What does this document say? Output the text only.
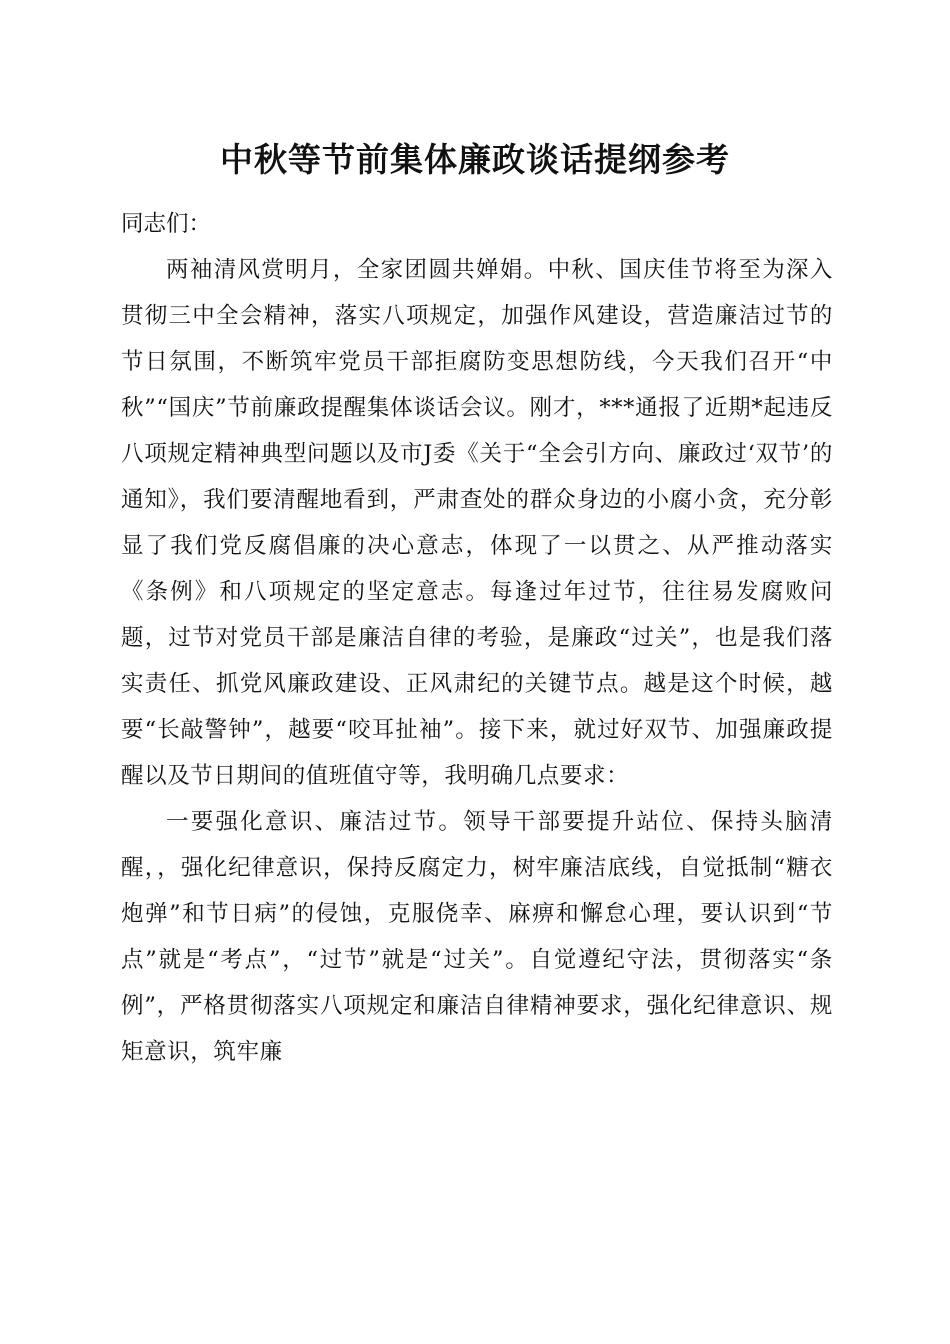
中秋等节前集体廉政谈话提纲参考

同志们：

两袖清风赏明月，全家团圆共婵娟。中秋、国庆佳节将至为深入贯彻三中全会精神，落实八项规定，加强作风建设，营造廉洁过节的节日氛围，不断筑牢党员干部拒腐防变思想防线，今天我们召开“中秋”“国庆”节前廉政提醒集体谈话会议。刚才，***通报了近期*起违反八项规定精神典型问题以及市J委《关于“全会引方向、廉政过‘双节’的通知》，我们要清醒地看到，严肃查处的群众身边的小腐小贪，充分彰显了我们党反腐倡廉的决心意志，体现了一以贯之、从严推动落实《条例》和八项规定的坚定意志。每逢过年过节，往往易发腐败问题，过节对党员干部是廉洁自律的考验，是廉政“过关”，也是我们落实责任、抓党风廉政建设、正风肃纪的关键节点。越是这个时候，越要“长敲警钟”，越要“咬耳扯袖”。接下来，就过好双节、加强廉政提醒以及节日期间的值班值守等，我明确几点要求：

一要强化意识、廉洁过节。领导干部要提升站位、保持头脑清醒，，强化纪律意识，保持反腐定力，树牢廉洁底线，自觉抵制“糖衣炮弹”和节日病”的侵蚀，克服侥幸、麻痹和懈怠心理，要认识到“节点”就是“考点”，“过节”就是“过关”。自觉遵纪守法，贯彻落实“条例”，严格贯彻落实八项规定和廉洁自律精神要求，强化纪律意识、规矩意识，筑牢廉
